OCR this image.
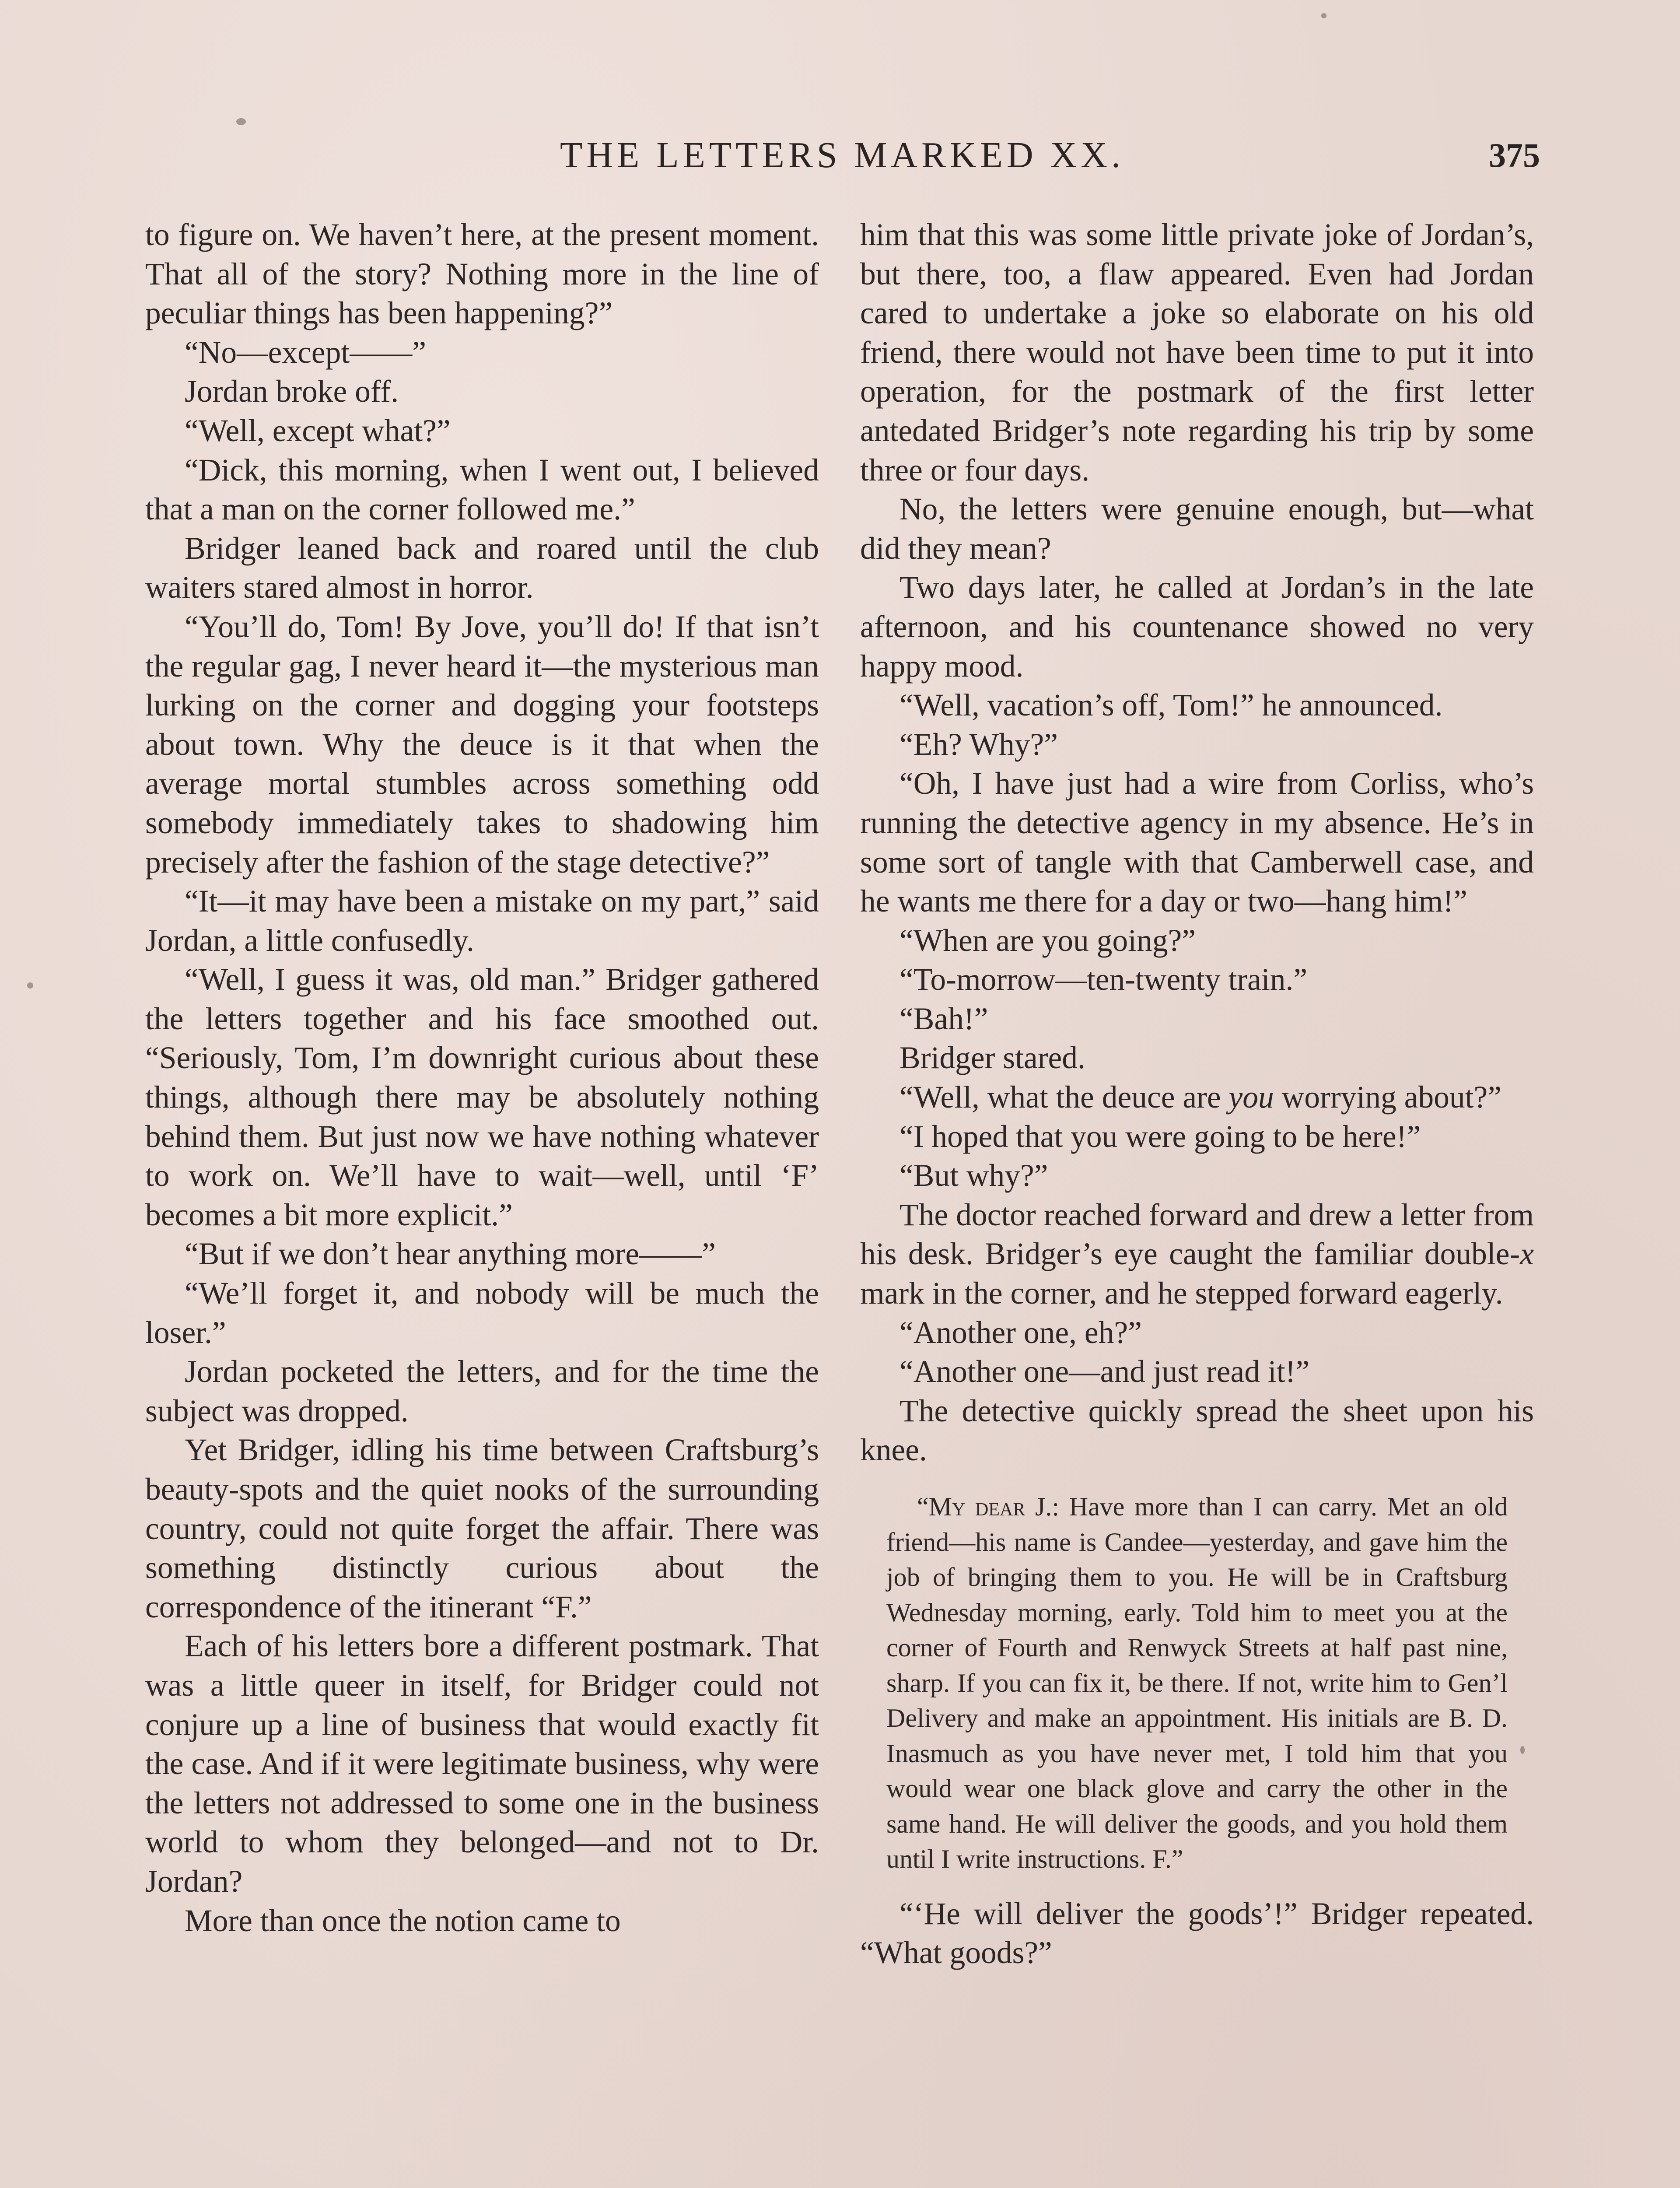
THE LETTERS MARKED XX.	375

to figure on. We haven’t here, at the present moment. That all of the story? Nothing more in the line of peculiar things has been happening?”

“No—except——”

Jordan broke off.

“Well, except what?”

“Dick, this morning, when I went out, I believed that a man on the corner followed me.”

Bridger leaned back and roared until the club waiters stared almost in horror.

“You’ll do, Tom! By Jove, you’ll do! If that isn’t the regular gag, I never heard it—the mysterious man lurking on the corner and dogging your footsteps about town. Why the deuce is it that when the average mortal stumbles across something odd somebody immediately takes to shadowing him precisely after the fashion of the stage detective?”

“It—it may have been a mistake on my part,” said Jordan, a little confusedly.

“Well, I guess it was, old man.” Bridger gathered the letters together and his face smoothed out. “Seriously, Tom, I’m downright curious about these things, although there may be absolutely nothing behind them. But just now we have nothing whatever to work on. We’ll have to wait—well, until ‘F’ becomes a bit more explicit.”

“But if we don’t hear anything more——”

“We’ll forget it, and nobody will be much the loser.”

Jordan pocketed the letters, and for the time the subject was dropped.

Yet Bridger, idling his time between Craftsburg’s beauty-spots and the quiet nooks of the surrounding country, could not quite forget the affair. There was something distinctly curious about the correspondence of the itinerant “F.”

Each of his letters bore a different postmark. That was a little queer in itself, for Bridger could not conjure up a line of business that would exactly fit the case. And if it were legitimate business, why were the letters not addressed to some one in the business world to whom they belonged—and not to Dr. Jordan?

More than once the notion came to

him that this was some little private joke of Jordan’s, but there, too, a flaw appeared. Even had Jordan cared to undertake a joke so elaborate on his old friend, there would not have been time to put it into operation, for the postmark of the first letter antedated Bridger’s note regarding his trip by some three or four days.

No, the letters were genuine enough, but—what did they mean?

Two days later, he called at Jordan’s in the late afternoon, and his countenance showed no very happy mood.

“Well, vacation’s off, Tom!” he announced.

“Eh? Why?”

“Oh, I have just had a wire from Corliss, who’s running the detective agency in my absence. He’s in some sort of tangle with that Camberwell case, and he wants me there for a day or two—hang him!”

“When are you going?”

“To-morrow—ten-twenty train.”

“Bah!”

Bridger stared.

“Well, what the deuce are you worrying about?”

“I hoped that you were going to be here!”

“But why?”

The doctor reached forward and drew a letter from his desk. Bridger’s eye caught the familiar double-x mark in the corner, and he stepped forward eagerly.

“Another one, eh?”

“Another one—and just read it!”

The detective quickly spread the sheet upon his knee.

“My dear J.: Have more than I can carry. Met an old friend—his name is Candee—yesterday, and gave him the job of bringing them to you. He will be in Craftsburg Wednesday morning, early. Told him to meet you at the corner of Fourth and Renwyck Streets at half past nine, sharp. If you can fix it, be there. If not, write him to Gen’l Delivery and make an appointment. His initials are B. D. Inasmuch as you have never met, I told him that you would wear one black glove and carry the other in the same hand. He will deliver the goods, and you hold them until I write instructions. F.”

“‘He will deliver the goods’!” Bridger repeated. “What goods?”
